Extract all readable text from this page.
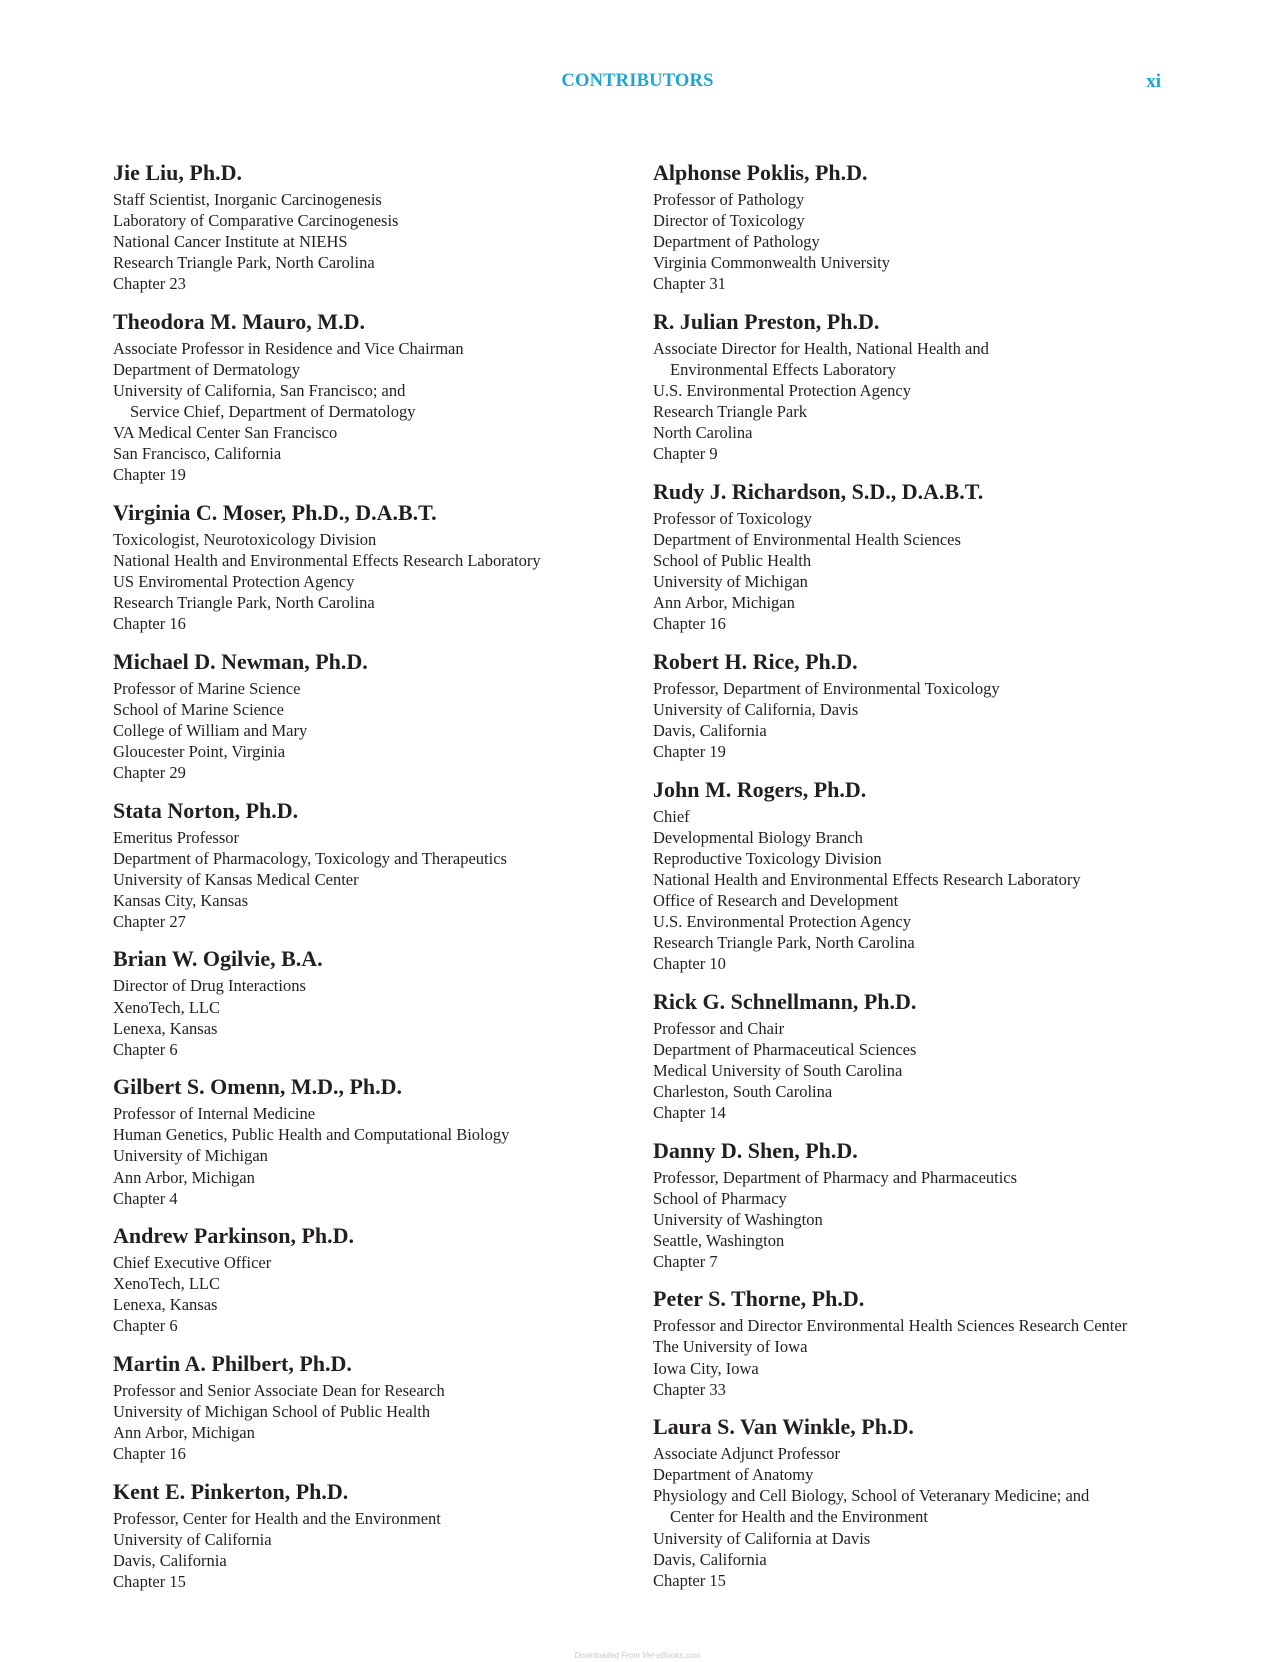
CONTRIBUTORS	xi
Jie Liu, Ph.D.
Staff Scientist, Inorganic Carcinogenesis
Laboratory of Comparative Carcinogenesis
National Cancer Institute at NIEHS
Research Triangle Park, North Carolina
Chapter 23
Theodora M. Mauro, M.D.
Associate Professor in Residence and Vice Chairman
Department of Dermatology
University of California, San Francisco; and
Service Chief, Department of Dermatology
VA Medical Center San Francisco
San Francisco, California
Chapter 19
Virginia C. Moser, Ph.D., D.A.B.T.
Toxicologist, Neurotoxicology Division
National Health and Environmental Effects Research Laboratory
US Enviromental Protection Agency
Research Triangle Park, North Carolina
Chapter 16
Michael D. Newman, Ph.D.
Professor of Marine Science
School of Marine Science
College of William and Mary
Gloucester Point, Virginia
Chapter 29
Stata Norton, Ph.D.
Emeritus Professor
Department of Pharmacology, Toxicology and Therapeutics
University of Kansas Medical Center
Kansas City, Kansas
Chapter 27
Brian W. Ogilvie, B.A.
Director of Drug Interactions
XenoTech, LLC
Lenexa, Kansas
Chapter 6
Gilbert S. Omenn, M.D., Ph.D.
Professor of Internal Medicine
Human Genetics, Public Health and Computational Biology
University of Michigan
Ann Arbor, Michigan
Chapter 4
Andrew Parkinson, Ph.D.
Chief Executive Officer
XenoTech, LLC
Lenexa, Kansas
Chapter 6
Martin A. Philbert, Ph.D.
Professor and Senior Associate Dean for Research
University of Michigan School of Public Health
Ann Arbor, Michigan
Chapter 16
Kent E. Pinkerton, Ph.D.
Professor, Center for Health and the Environment
University of California
Davis, California
Chapter 15
Alphonse Poklis, Ph.D.
Professor of Pathology
Director of Toxicology
Department of Pathology
Virginia Commonwealth University
Chapter 31
R. Julian Preston, Ph.D.
Associate Director for Health, National Health and
Environmental Effects Laboratory
U.S. Environmental Protection Agency
Research Triangle Park
North Carolina
Chapter 9
Rudy J. Richardson, S.D., D.A.B.T.
Professor of Toxicology
Department of Environmental Health Sciences
School of Public Health
University of Michigan
Ann Arbor, Michigan
Chapter 16
Robert H. Rice, Ph.D.
Professor, Department of Environmental Toxicology
University of California, Davis
Davis, California
Chapter 19
John M. Rogers, Ph.D.
Chief
Developmental Biology Branch
Reproductive Toxicology Division
National Health and Environmental Effects Research Laboratory
Office of Research and Development
U.S. Environmental Protection Agency
Research Triangle Park, North Carolina
Chapter 10
Rick G. Schnellmann, Ph.D.
Professor and Chair
Department of Pharmaceutical Sciences
Medical University of South Carolina
Charleston, South Carolina
Chapter 14
Danny D. Shen, Ph.D.
Professor, Department of Pharmacy and Pharmaceutics
School of Pharmacy
University of Washington
Seattle, Washington
Chapter 7
Peter S. Thorne, Ph.D.
Professor and Director Environmental Health Sciences Research Center
The University of Iowa
Iowa City, Iowa
Chapter 33
Laura S. Van Winkle, Ph.D.
Associate Adjunct Professor
Department of Anatomy
Physiology and Cell Biology, School of Veteranary Medicine; and
Center for Health and the Environment
University of California at Davis
Davis, California
Chapter 15
Downloaded From Vet-eBooks.com
